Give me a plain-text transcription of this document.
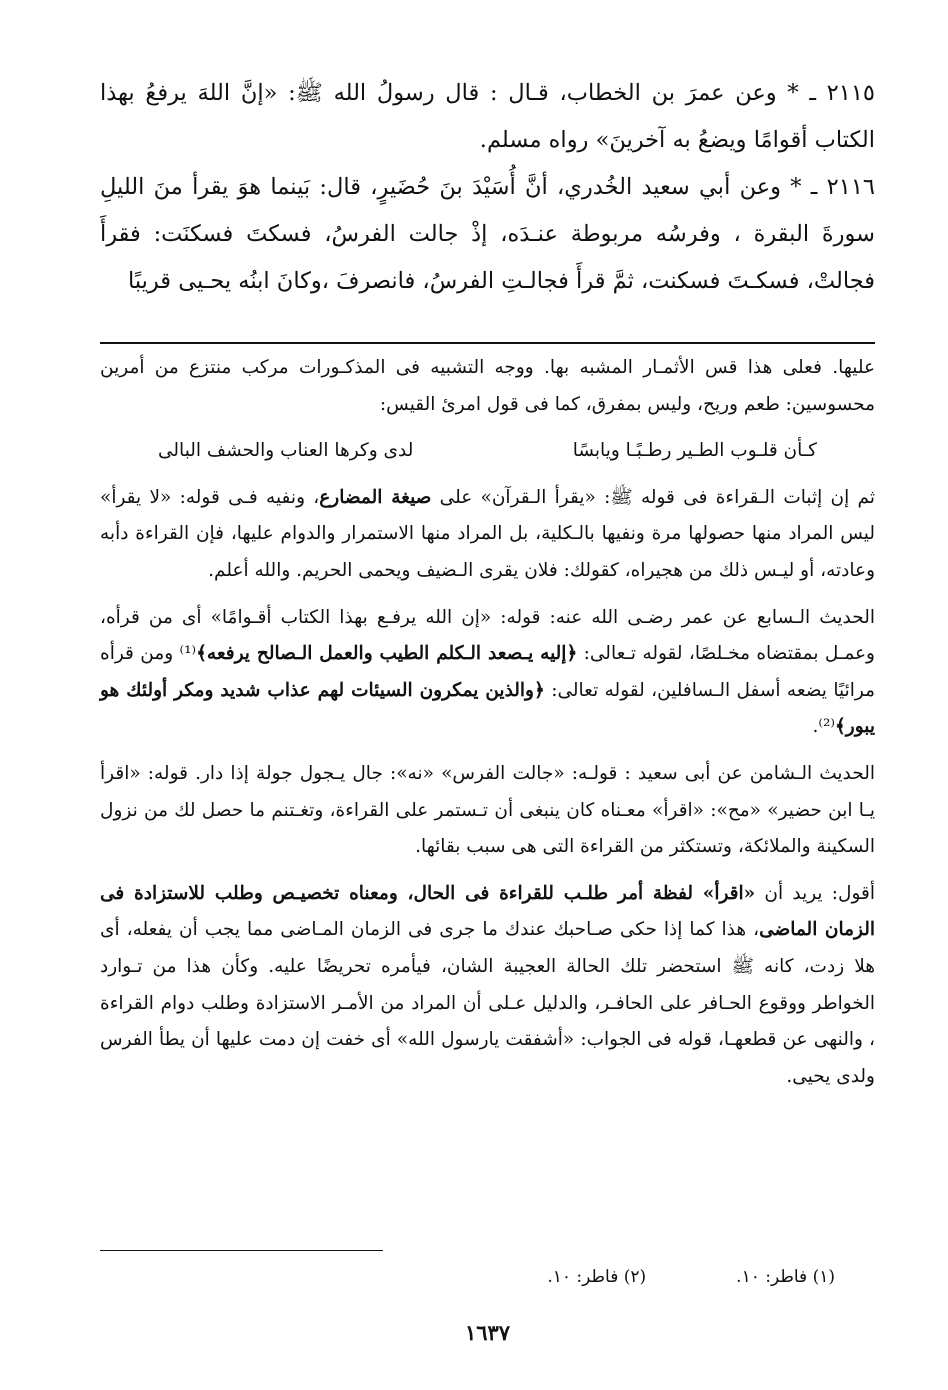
٢١١٥ ـ * وعن عمرَ بن الخطاب، قـال : قال رسولُ الله ﷺ: «إنَّ اللهَ يرفعُ بهذا الكتاب أقوامًا ويضعُ به آخرينَ» رواه مسلم.

٢١١٦ ـ * وعن أبي سعيد الخُدري، أنَّ أُسَيْدَ بنَ حُضَيرٍ، قال: بَينما هوَ يقرأ منَ الليلِ سورةَ البقرة ، وفرسُه مربوطة عنـدَه، إذْ جالت الفرسُ، فسكتَ فسكنَت: فقرأَ فجالتْ، فسكـتَ فسكنت، ثمَّ قرأَ فجالـتِ الفرسُ، فانصرفَ ،وكانَ ابنُه يحـيى قريبًا

عليها. فعلى هذا قس الأثمـار المشبه بها. ووجه التشبيه فى المذكـورات مركب منتزع من أمرين محسوسين: طعم وريح، وليس بمفرق، كما فى قول امرئ القيس:

كـأن قلـوب الطـير رطـبًـا ويابسًا
لدى وكرها العناب والحشف البالى

ثم إن إثبات الـقراءة فى قوله ﷺ: «يقرأ الـقرآن» على صيغة المضارع، ونفيه فـى قوله: «لا يقرأ» ليس المراد منها حصولها مرة ونفيها بالـكلية، بل المراد منها الاستمرار والدوام عليها، فإن القراءة دأبه وعادته، أو ليـس ذلك من هجيراه، كقولك: فلان يقرى الـضيف ويحمى الحريم. والله أعلم.

الحديث الـسابع عن عمر رضـى الله عنه: قوله: «إن الله يرفـع بهذا الكتاب أقـوامًا» أى من قرأه، وعمـل بمقتضاه مخـلصًا، لقوله تـعالى: ﴿إليه يـصعد الـكلم الطيب والعمل الـصالح يرفعه﴾⁽¹⁾ ومن قرأه مرائيًا يضعه أسفل الـسافلين، لقوله تعالى: ﴿والذين يمكرون السيئات لهم عذاب شديد ومكر أولئك هو يبور﴾⁽²⁾.

الحديث الـشامن عن أبى سعيد : قولـه: «جالت الفرس» «نه»: جال يـجول جولة إذا دار. قوله: «اقرأ يـا ابن حضير» «مح»: «اقرأ» معـناه كان ينبغى أن تـستمر على القراءة، وتغـتنم ما حصل لك من نزول السكينة والملائكة، وتستكثر من القراءة التى هى سبب بقائها.

أقول: يريد أن «اقرأ» لفظة أمر طلـب للقراءة فى الحال، ومعناه تخصيـص وطلب للاستزادة فى الزمان الماضى، هذا كما إذا حكى صـاحبك عندك ما جرى فى الزمان المـاضى مما يجب أن يفعله، أى هلا زدت، كانه ﷺ استحضر تلك الحالة العجيبة الشان، فيأمره تحريضًا عليه. وكأن هذا من تـوارد الخواطر ووقوع الحـافر على الحافـر، والدليل عـلى أن المراد من الأمـر الاستزادة وطلب دوام القراءة ، والنهى عن قطعهـا، قوله فى الجواب: «أشفقت يارسول الله» أى خفت إن دمت عليها أن يطأ الفرس ولدى يحيى.

(١) فاطر: ١٠.
(٢) فاطر: ١٠.
١٦٣٧
